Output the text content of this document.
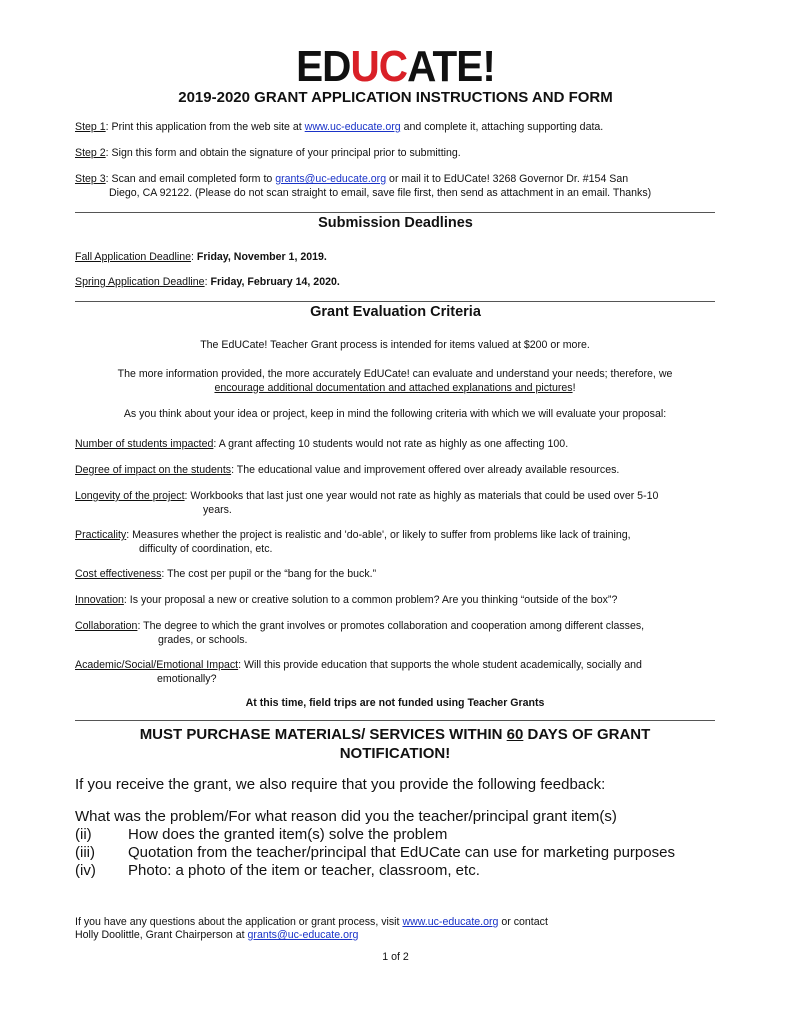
EDUCATE!
2019-2020 GRANT APPLICATION INSTRUCTIONS AND FORM
Step 1: Print this application from the web site at www.uc-educate.org and complete it, attaching supporting data.
Step 2: Sign this form and obtain the signature of your principal prior to submitting.
Step 3: Scan and email completed form to grants@uc-educate.org or mail it to EdUCate! 3268 Governor Dr. #154 San
Diego, CA 92122. (Please do not scan straight to email, save file first, then send as attachment in an email. Thanks)
Submission Deadlines
Fall Application Deadline: Friday, November 1, 2019.
Spring Application Deadline: Friday, February 14, 2020.
Grant Evaluation Criteria
The EdUCate! Teacher Grant process is intended for items valued at $200 or more.
The more information provided, the more accurately EdUCate! can evaluate and understand your needs; therefore, we
encourage additional documentation and attached explanations and pictures!
As you think about your idea or project, keep in mind the following criteria with which we will evaluate your proposal:
Number of students impacted: A grant affecting 10 students would not rate as highly as one affecting 100.
Degree of impact on the students: The educational value and improvement offered over already available resources.
Longevity of the project: Workbooks that last just one year would not rate as highly as materials that could be used over 5-10
years.
Practicality: Measures whether the project is realistic and 'do-able', or likely to suffer from problems like lack of training,
difficulty of coordination, etc.
Cost effectiveness: The cost per pupil or the “bang for the buck.”
Innovation: Is your proposal a new or creative solution to a common problem? Are you thinking “outside of the box”?
Collaboration: The degree to which the grant involves or promotes collaboration and cooperation among different classes,
grades, or schools.
Academic/Social/Emotional Impact: Will this provide education that supports the whole student academically, socially and
emotionally?
At this time, field trips are not funded using Teacher Grants
MUST PURCHASE MATERIALS/ SERVICES WITHIN 60 DAYS OF GRANT
NOTIFICATION!
If you receive the grant, we also require that you provide the following feedback:
What was the problem/For what reason did you the teacher/principal grant item(s)
(ii) How does the granted item(s) solve the problem
(iii) Quotation from the teacher/principal that EdUCate can use for marketing purposes
(iv) Photo: a photo of the item or teacher, classroom, etc.
If you have any questions about the application or grant process, visit www.uc-educate.org or contact
Holly Doolittle, Grant Chairperson at grants@uc-educate.org
1 of 2
